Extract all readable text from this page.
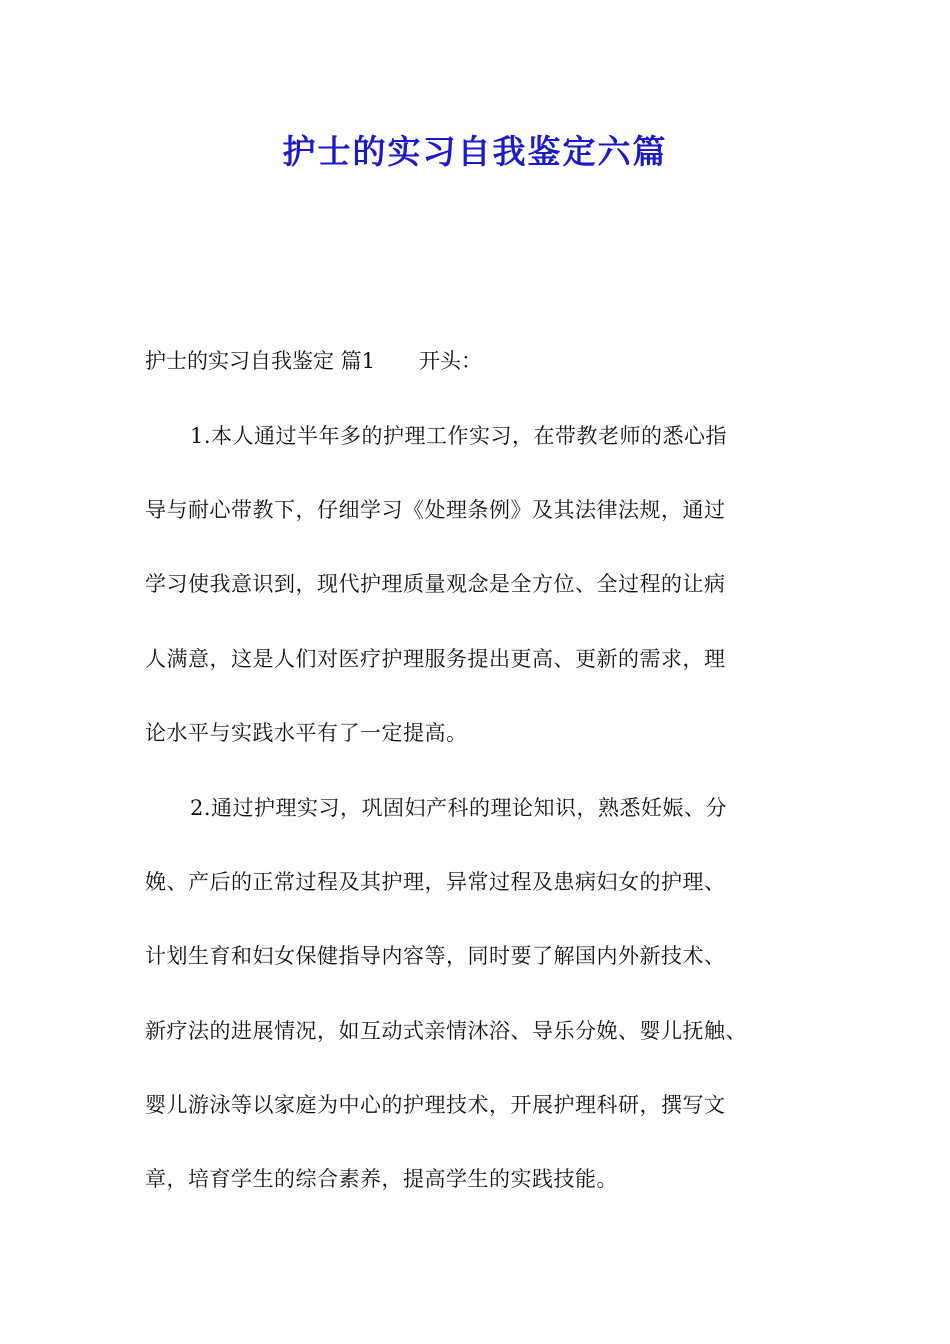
护士的实习自我鉴定六篇
护士的实习自我鉴定 篇1 开头：
1.本人通过半年多的护理工作实习，在带教老师的悉心指
导与耐心带教下，仔细学习《处理条例》及其法律法规，通过
学习使我意识到，现代护理质量观念是全方位、全过程的让病
人满意，这是人们对医疗护理服务提出更高、更新的需求，理
论水平与实践水平有了一定提高。
2.通过护理实习，巩固妇产科的理论知识，熟悉妊娠、分
娩、产后的正常过程及其护理，异常过程及患病妇女的护理、
计划生育和妇女保健指导内容等，同时要了解国内外新技术、
新疗法的进展情况，如互动式亲情沐浴、导乐分娩、婴儿抚触、
婴儿游泳等以家庭为中心的护理技术，开展护理科研，撰写文
章，培育学生的综合素养，提高学生的实践技能。
